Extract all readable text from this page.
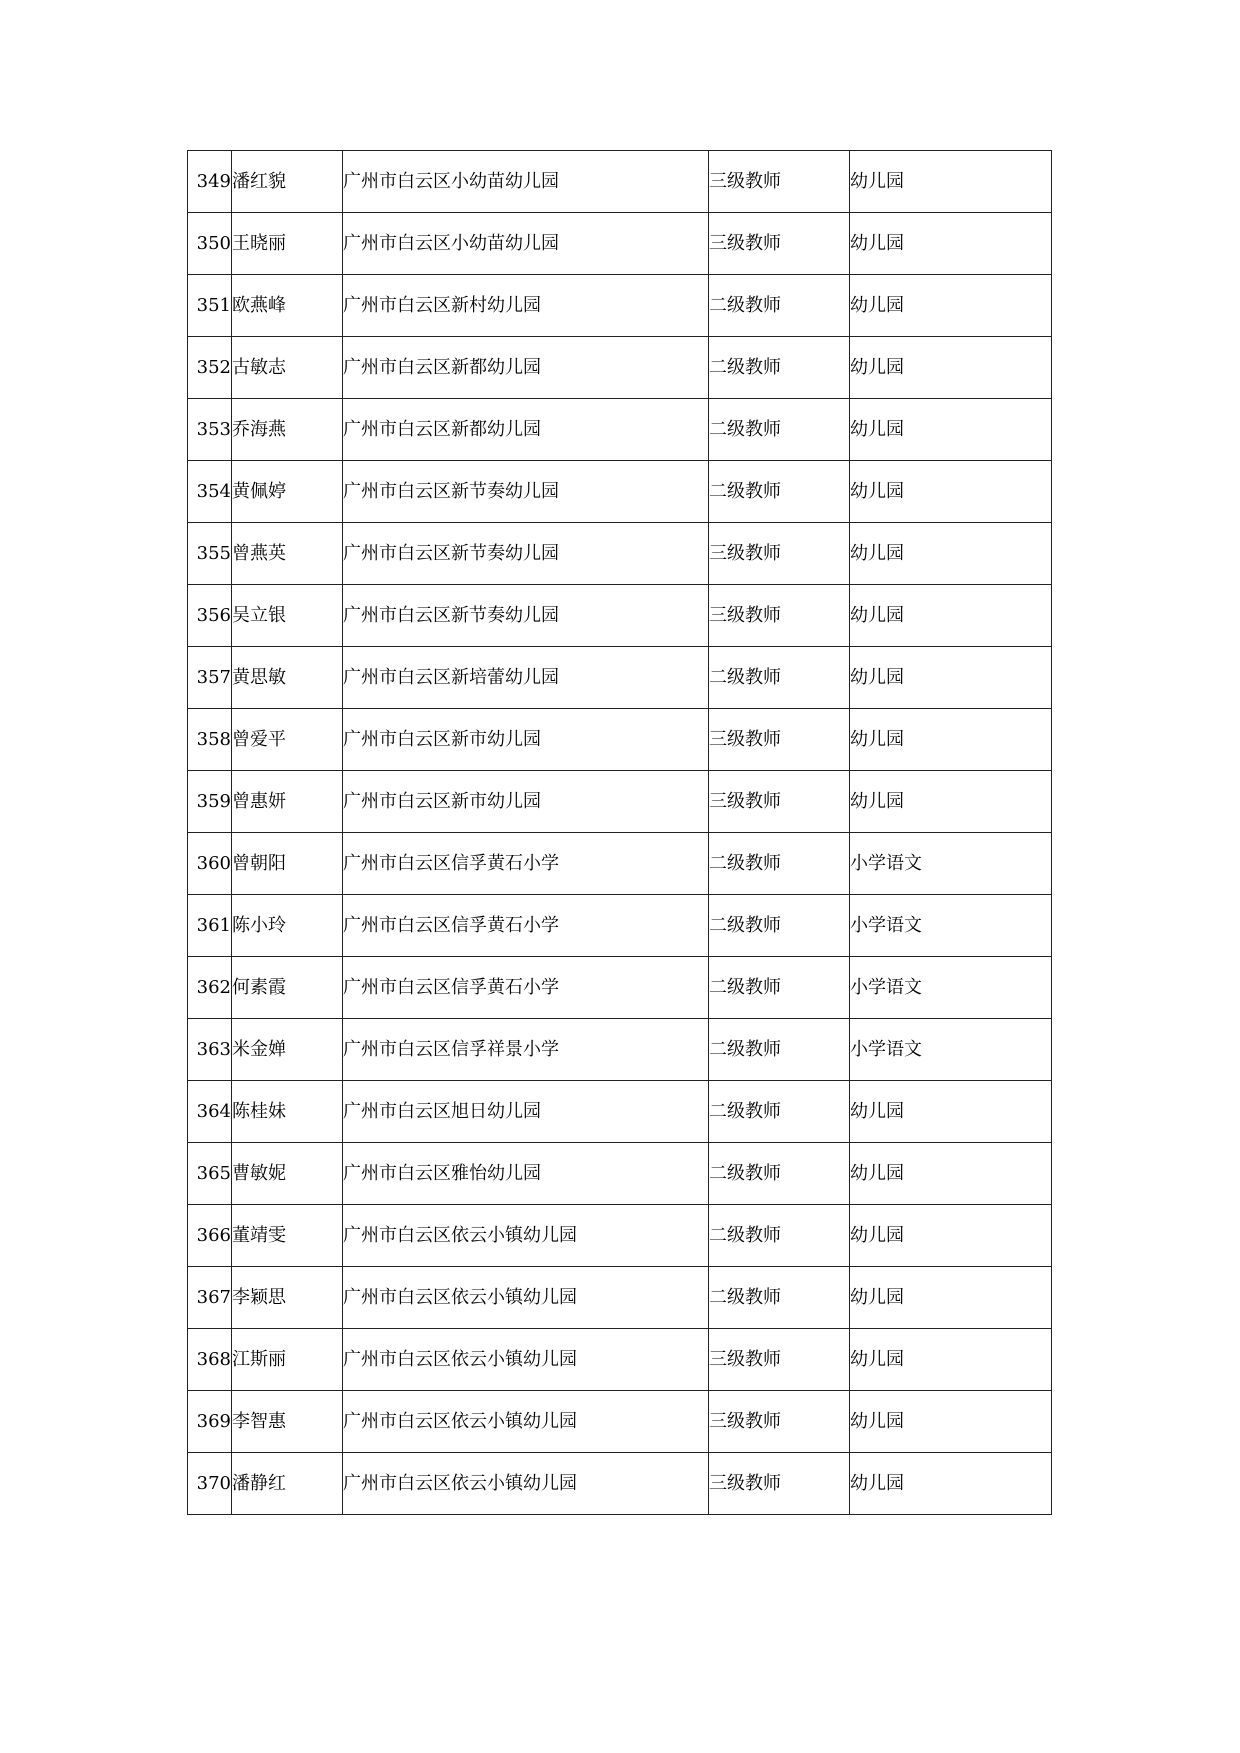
349	潘红貌	广州市白云区小幼苗幼儿园	三级教师	幼儿园
350	王晓丽	广州市白云区小幼苗幼儿园	三级教师	幼儿园
351	欧燕峰	广州市白云区新村幼儿园	二级教师	幼儿园
352	古敏志	广州市白云区新都幼儿园	二级教师	幼儿园
353	乔海燕	广州市白云区新都幼儿园	二级教师	幼儿园
354	黄佩婷	广州市白云区新节奏幼儿园	二级教师	幼儿园
355	曾燕英	广州市白云区新节奏幼儿园	三级教师	幼儿园
356	吴立银	广州市白云区新节奏幼儿园	三级教师	幼儿园
357	黄思敏	广州市白云区新培蕾幼儿园	二级教师	幼儿园
358	曾爱平	广州市白云区新市幼儿园	三级教师	幼儿园
359	曾惠妍	广州市白云区新市幼儿园	三级教师	幼儿园
360	曾朝阳	广州市白云区信孚黄石小学	二级教师	小学语文
361	陈小玲	广州市白云区信孚黄石小学	二级教师	小学语文
362	何素霞	广州市白云区信孚黄石小学	二级教师	小学语文
363	米金婵	广州市白云区信孚祥景小学	二级教师	小学语文
364	陈桂妹	广州市白云区旭日幼儿园	二级教师	幼儿园
365	曹敏妮	广州市白云区雅怡幼儿园	二级教师	幼儿园
366	董靖雯	广州市白云区依云小镇幼儿园	二级教师	幼儿园
367	李颖思	广州市白云区依云小镇幼儿园	二级教师	幼儿园
368	江斯丽	广州市白云区依云小镇幼儿园	三级教师	幼儿园
369	李智惠	广州市白云区依云小镇幼儿园	三级教师	幼儿园
370	潘静红	广州市白云区依云小镇幼儿园	三级教师	幼儿园
